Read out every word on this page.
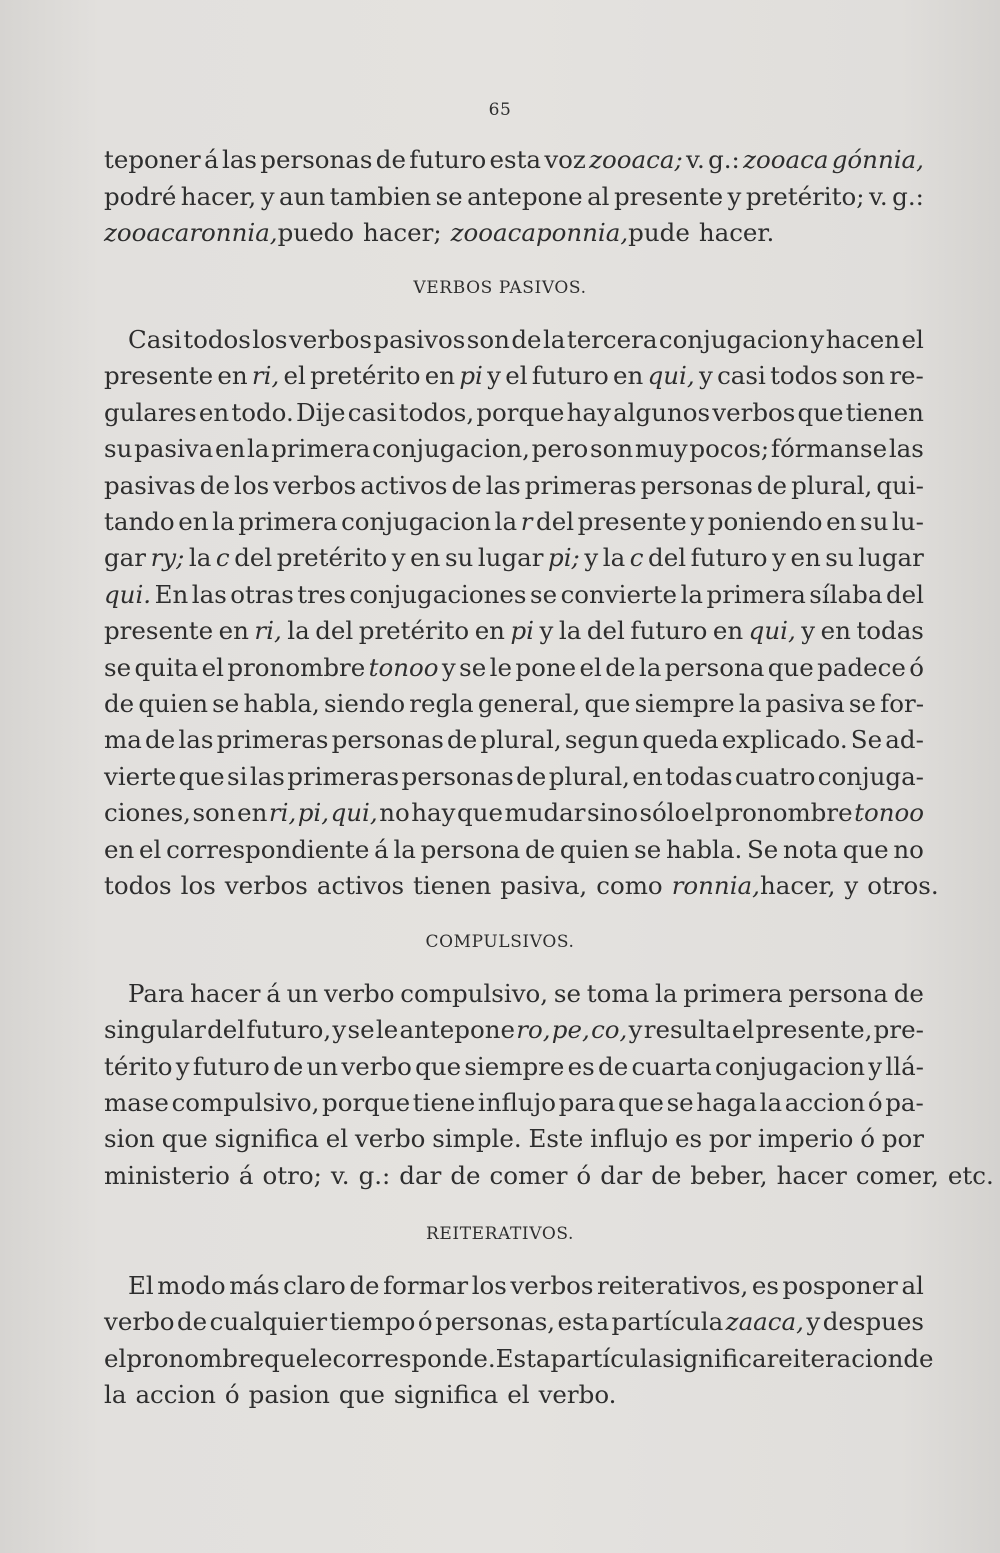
65
teponer á las personas de futuro esta voz zooaca; v. g.: zooaca gónnia,
podré hacer, y aun tambien se antepone al presente y pretérito; v. g.:
zooaca ronnia, puedo hacer; zooaca ponnia, pude hacer.
Casi todos los verbos pasivos son de la tercera conjugacion y hacen el
presente en ri, el pretérito en pi y el futuro en qui, y casi todos son re-
gulares en todo. Dije casi todos, porque hay algunos verbos que tienen
su pasiva en la primera conjugacion, pero son muy pocos; fórmanse las
pasivas de los verbos activos de las primeras personas de plural, qui-
tando en la primera conjugacion la r del presente y poniendo en su lu-
gar ry; la c del pretérito y en su lugar pi; y la c del futuro y en su lugar
qui. En las otras tres conjugaciones se convierte la primera sílaba del
presente en ri, la del pretérito en pi y la del futuro en qui, y en todas
se quita el pronombre tonoo y se le pone el de la persona que padece ó
de quien se habla, siendo regla general, que siempre la pasiva se for-
ma de las primeras personas de plural, segun queda explicado. Se ad-
vierte que si las primeras personas de plural, en todas cuatro conjuga-
ciones, son en ri, pi, qui, no hay que mudar sino sólo el pronombre tonoo
en el correspondiente á la persona de quien se habla. Se nota que no
todos los verbos activos tienen pasiva, como ronnia, hacer, y otros.
Para hacer á un verbo compulsivo, se toma la primera persona de
singular del futuro, y se le antepone ro, pe, co, y resulta el presente, pre-
térito y futuro de un verbo que siempre es de cuarta conjugacion y llá-
mase compulsivo, porque tiene influjo para que se haga la accion ó pa-
sion que significa el verbo simple. Este influjo es por imperio ó por
ministerio á otro; v. g.: dar de comer ó dar de beber, hacer comer, etc.
El modo más claro de formar los verbos reiterativos, es posponer al
verbo de cualquier tiempo ó personas, esta partícula zaaca, y despues
el pronombre que le corresponde. Esta partícula significa reiteracion de
la accion ó pasion que significa el verbo.
VERBOS PASIVOS.
COMPULSIVOS.
REITERATIVOS.
